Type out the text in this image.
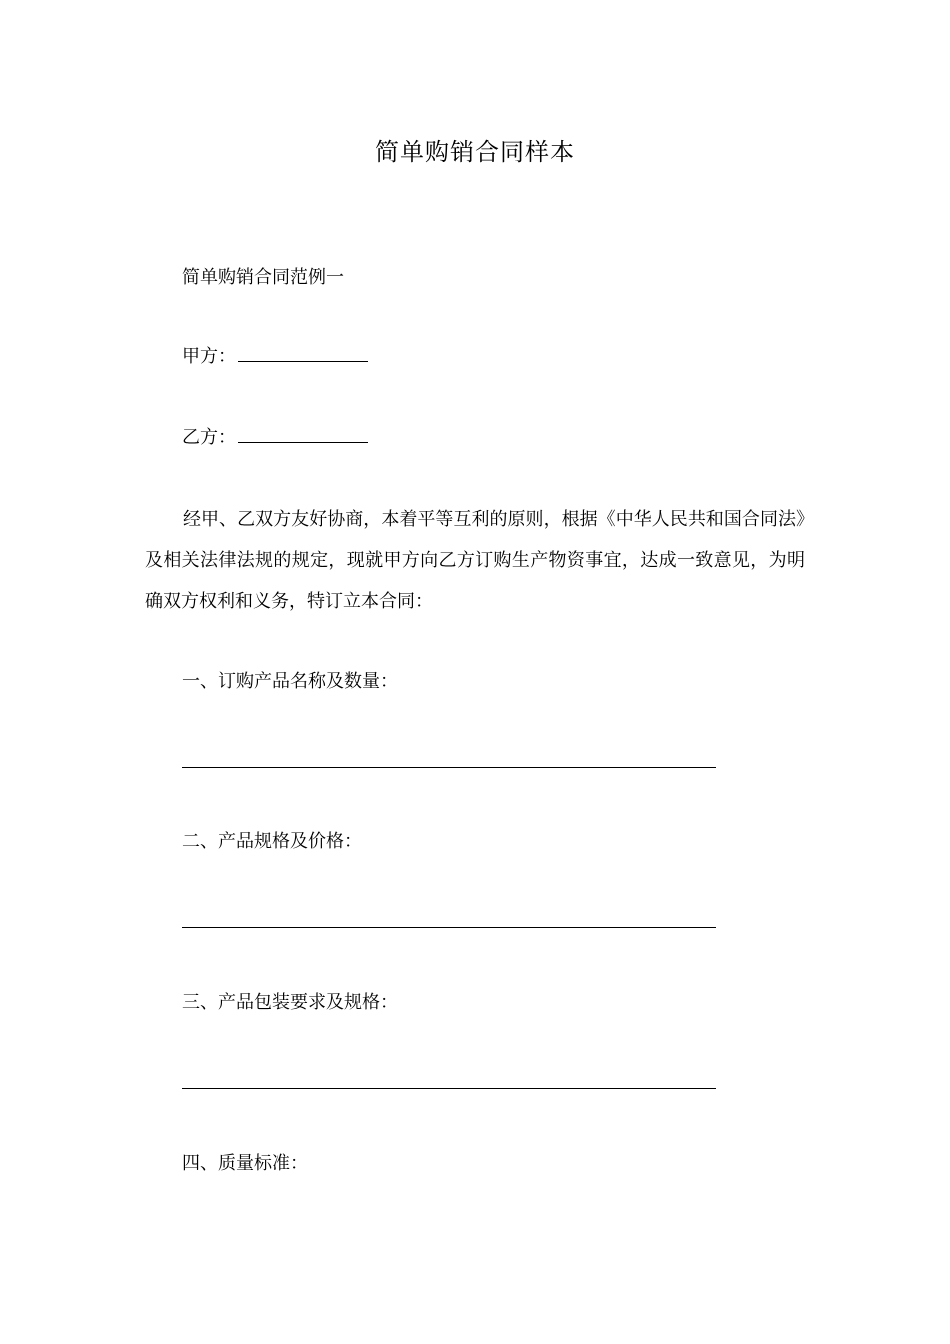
简单购销合同样本
简单购销合同范例一
甲方：
乙方：
经甲、乙双方友好协商，本着平等互利的原则，根据《中华人民共和国合同法》及相关法律法规的规定，现就甲方向乙方订购生产物资事宜，达成一致意见，为明确双方权利和义务，特订立本合同：
一、订购产品名称及数量：
二、产品规格及价格：
三、产品包装要求及规格：
四、质量标准：
